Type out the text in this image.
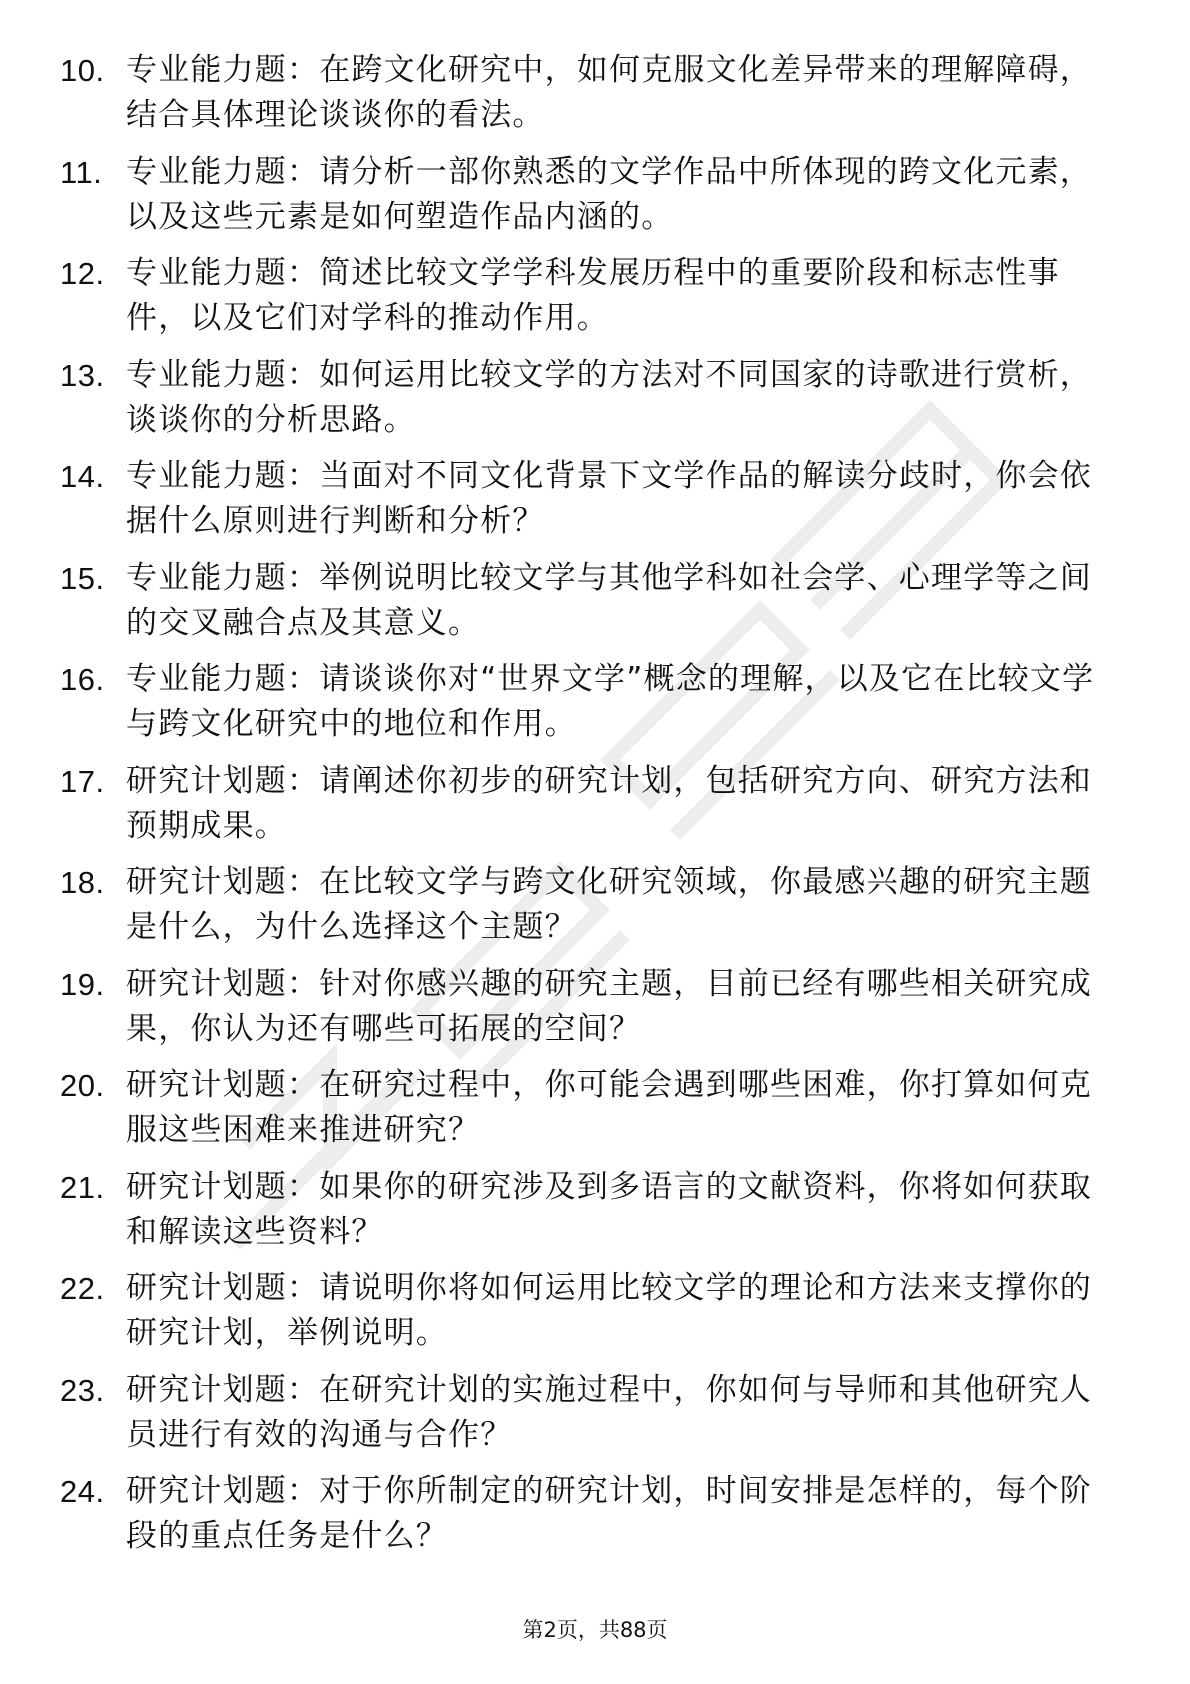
10. 专业能力题：在跨文化研究中，如何克服文化差异带来的理解障碍，结合具体理论谈谈你的看法。
11. 专业能力题：请分析一部你熟悉的文学作品中所体现的跨文化元素，以及这些元素是如何塑造作品内涵的。
12. 专业能力题：简述比较文学学科发展历程中的重要阶段和标志性事件，以及它们对学科的推动作用。
13. 专业能力题：如何运用比较文学的方法对不同国家的诗歌进行赏析，谈谈你的分析思路。
14. 专业能力题：当面对不同文化背景下文学作品的解读分歧时，你会依据什么原则进行判断和分析？
15. 专业能力题：举例说明比较文学与其他学科如社会学、心理学等之间的交叉融合点及其意义。
16. 专业能力题：请谈谈你对“世界文学”概念的理解，以及它在比较文学与跨文化研究中的地位和作用。
17. 研究计划题：请阐述你初步的研究计划，包括研究方向、研究方法和预期成果。
18. 研究计划题：在比较文学与跨文化研究领域，你最感兴趣的研究主题是什么，为什么选择这个主题？
19. 研究计划题：针对你感兴趣的研究主题，目前已经有哪些相关研究成果，你认为还有哪些可拓展的空间？
20. 研究计划题：在研究过程中，你可能会遇到哪些困难，你打算如何克服这些困难来推进研究？
21. 研究计划题：如果你的研究涉及到多语言的文献资料，你将如何获取和解读这些资料？
22. 研究计划题：请说明你将如何运用比较文学的理论和方法来支撑你的研究计划，举例说明。
23. 研究计划题：在研究计划的实施过程中，你如何与导师和其他研究人员进行有效的沟通与合作？
24. 研究计划题：对于你所制定的研究计划，时间安排是怎样的，每个阶段的重点任务是什么？
第2页，共88页
